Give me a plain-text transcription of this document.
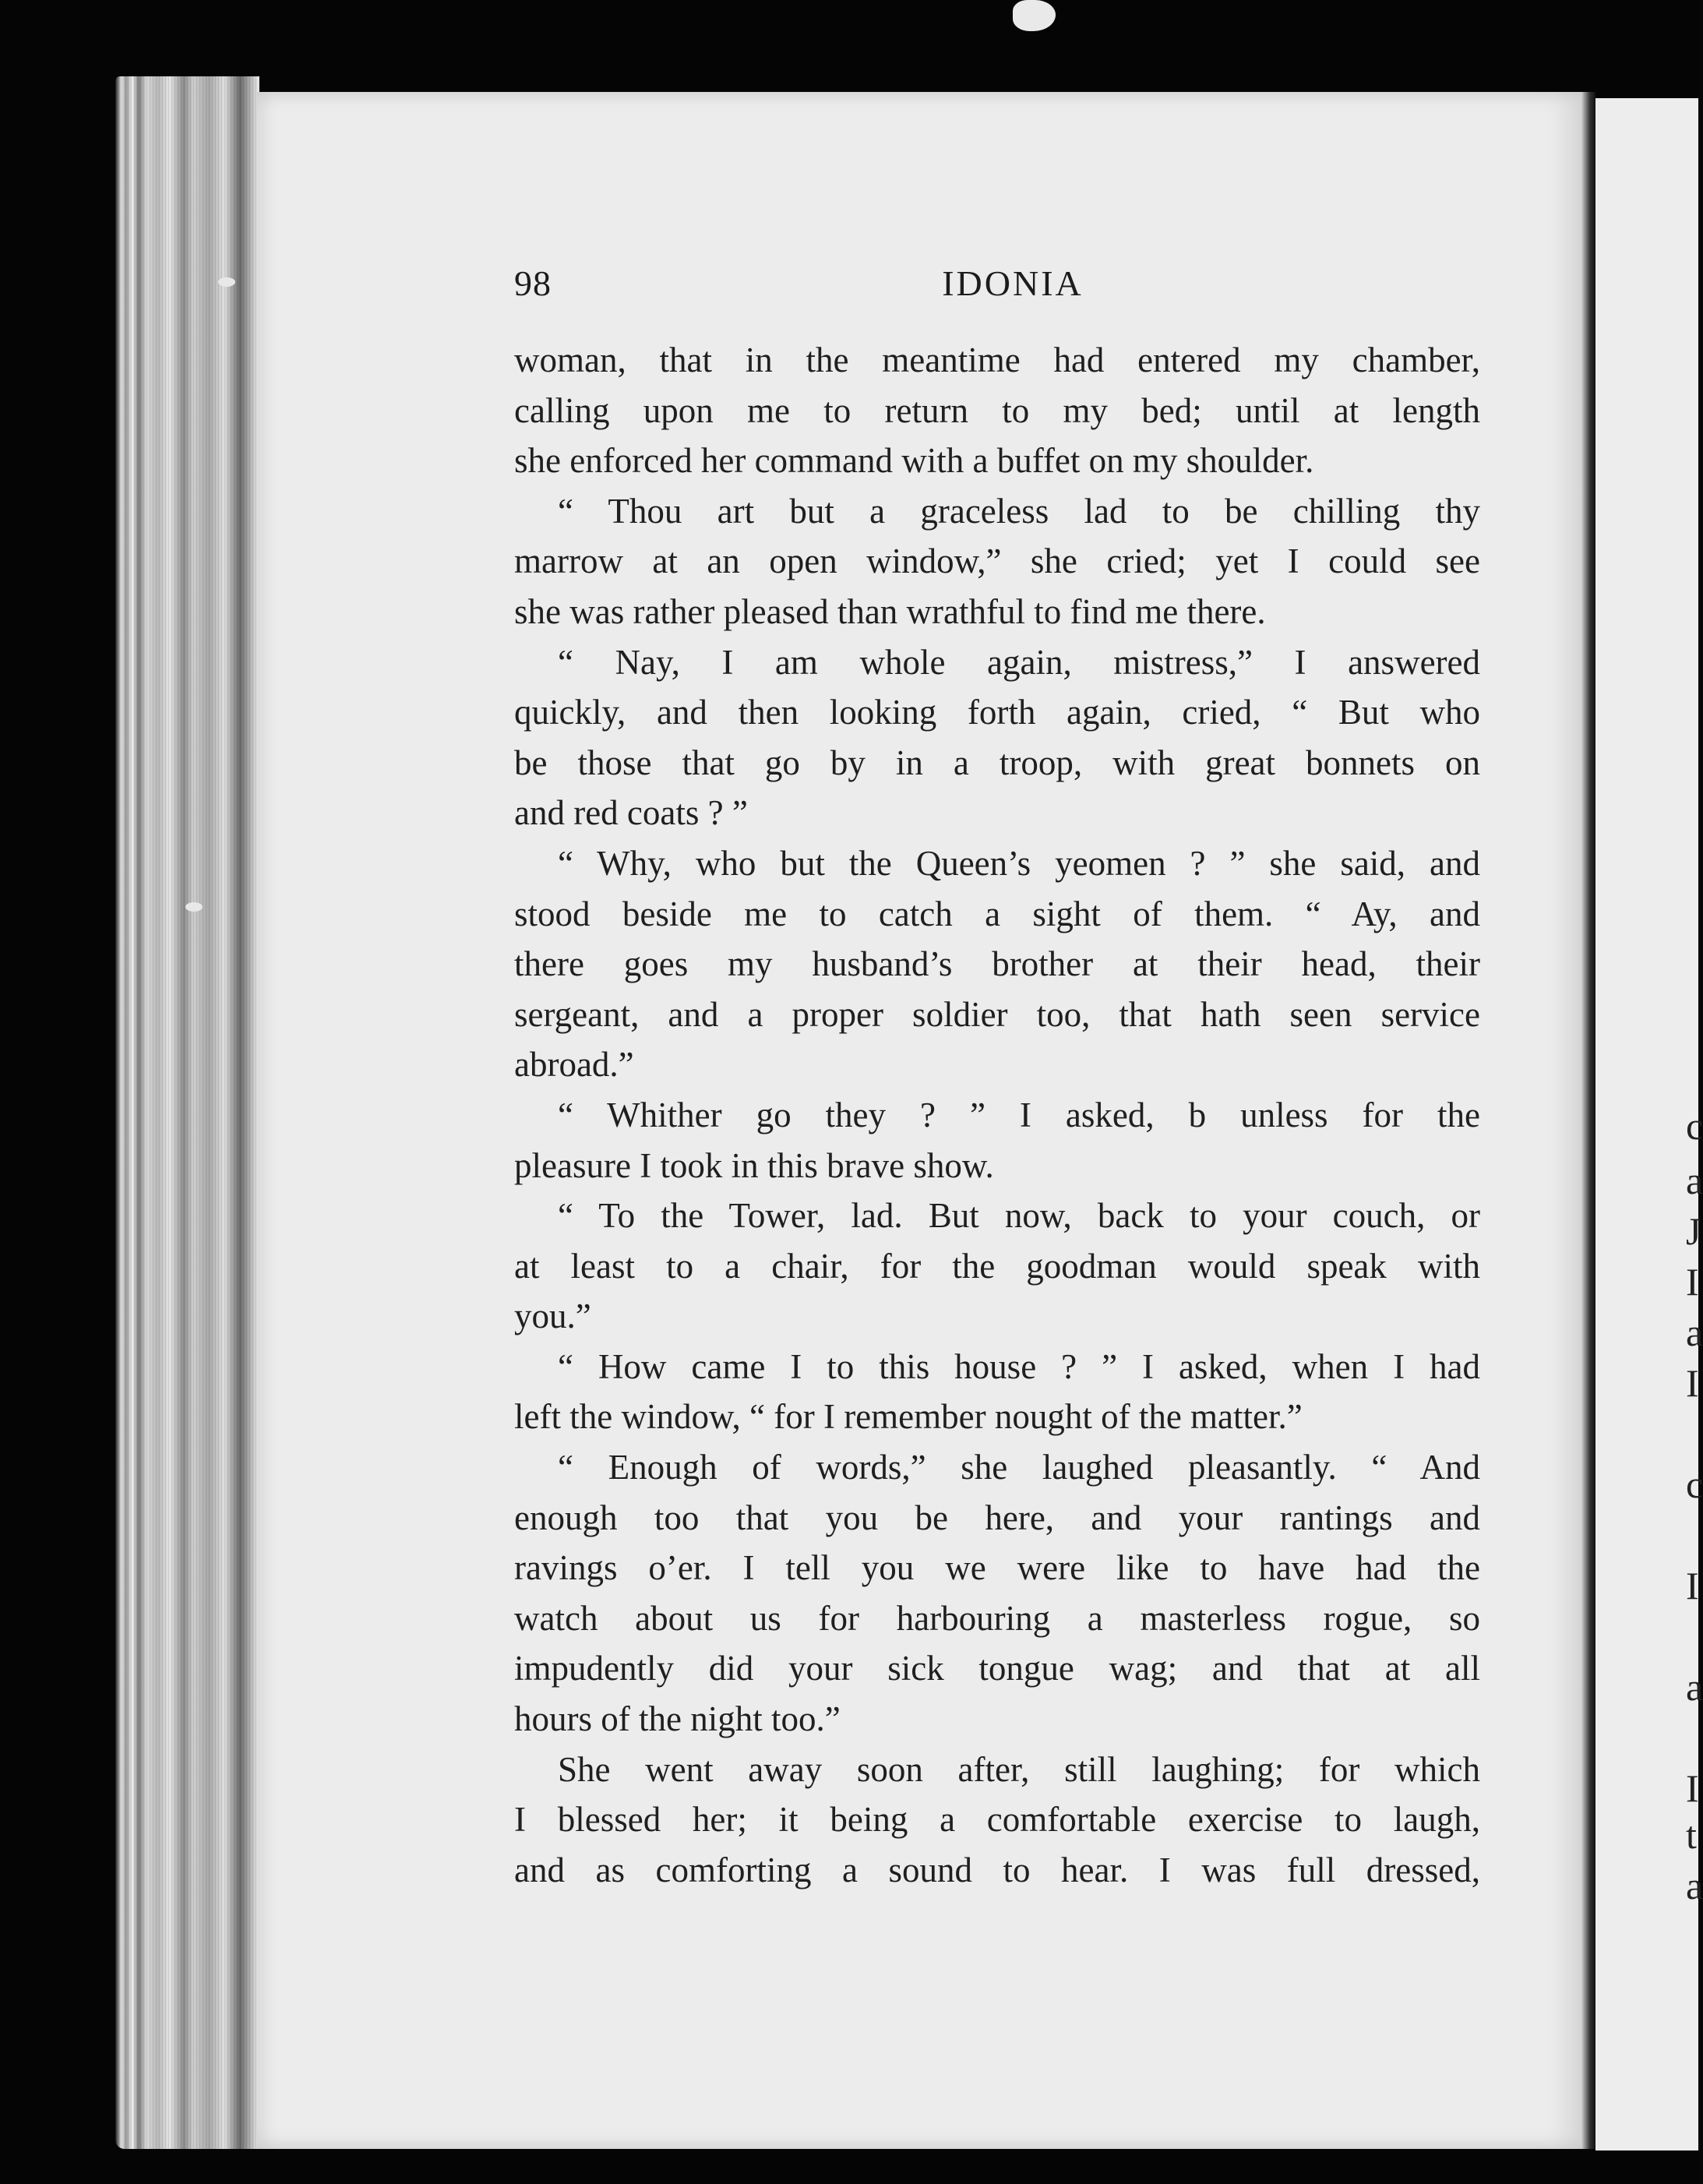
c
a
J
I
a
I
c
I
a
I
t
a
98	IDONIA
woman, that in the meantime had entered my chamber,
calling upon me to return to my bed; until at length
she enforced her command with a buffet on my shoulder.
“ Thou art but a graceless lad to be chilling thy
marrow at an open window,” she cried; yet I could see
she was rather pleased than wrathful to find me there.
“ Nay, I am whole again, mistress,” I answered
quickly, and then looking forth again, cried, “ But who
be those that go by in a troop, with great bonnets on
and red coats ? ”
“ Why, who but the Queen’s yeomen ? ” she said, and
stood beside me to catch a sight of them. “ Ay, and
there goes my husband’s brother at their head, their
sergeant, and a proper soldier too, that hath seen service
abroad.”
“ Whither go they ? ” I asked, b unless for the
pleasure I took in this brave show.
“ To the Tower, lad. But now, back to your couch, or
at least to a chair, for the goodman would speak with
you.”
“ How came I to this house ? ” I asked, when I had
left the window, “ for I remember nought of the matter.”
“ Enough of words,” she laughed pleasantly. “ And
enough too that you be here, and your rantings and
ravings o’er. I tell you we were like to have had the
watch about us for harbouring a masterless rogue, so
impudently did your sick tongue wag; and that at all
hours of the night too.”
She went away soon after, still laughing; for which
I blessed her; it being a comfortable exercise to laugh,
and as comforting a sound to hear. I was full dressed,
